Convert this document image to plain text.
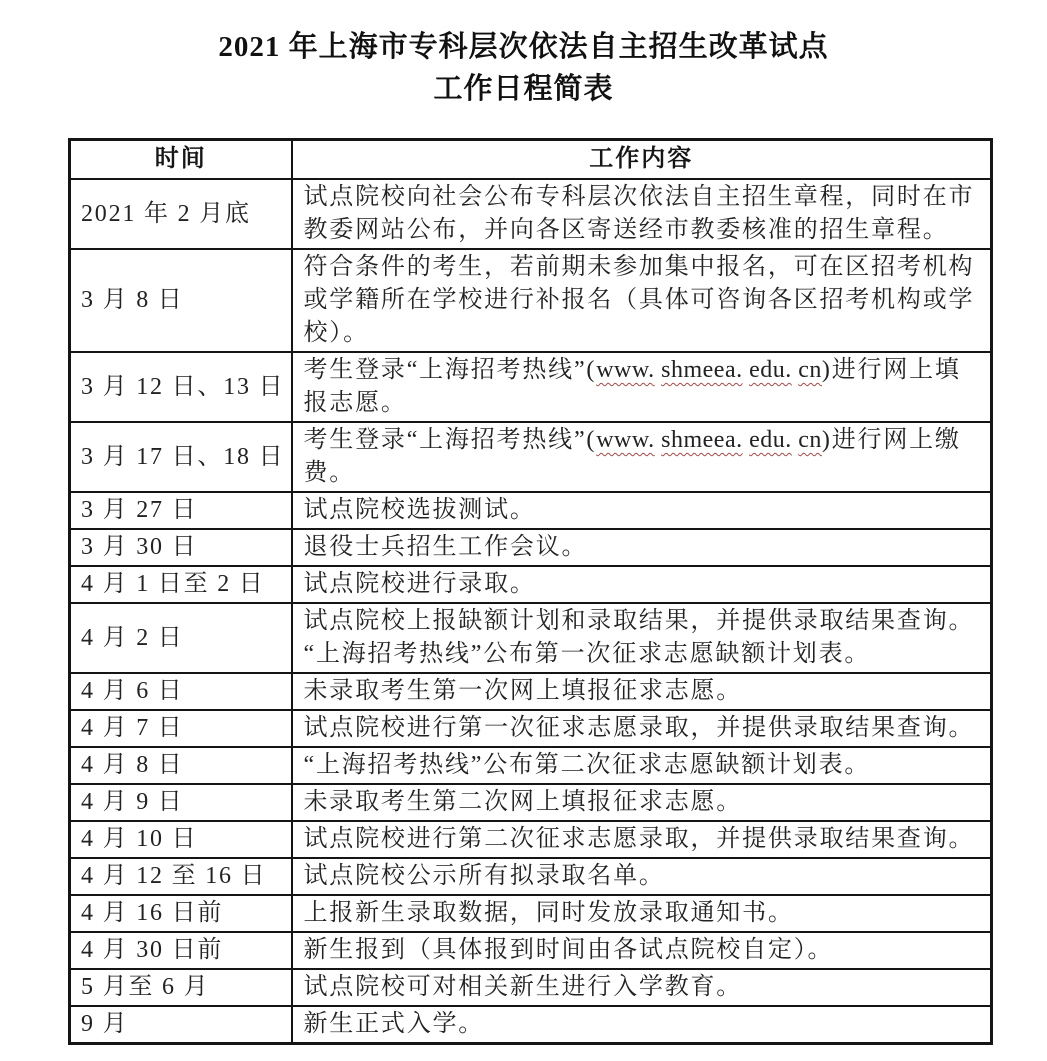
2021 年上海市专科层次依法自主招生改革试点
工作日程简表
时间	工作内容
2021 年 2 月底	试点院校向社会公布专科层次依法自主招生章程，同时在市教委网站公布，并向各区寄送经市教委核准的招生章程。
3 月 8 日	符合条件的考生，若前期未参加集中报名，可在区招考机构或学籍所在学校进行补报名（具体可咨询各区招考机构或学校）。
3 月 12 日、13 日	考生登录“上海招考热线”(www. shmeea. edu. cn)进行网上填报志愿。
3 月 17 日、18 日	考生登录“上海招考热线”(www. shmeea. edu. cn)进行网上缴费。
3 月 27 日	试点院校选拔测试。
3 月 30 日	退役士兵招生工作会议。
4 月 1 日至 2 日	试点院校进行录取。
4 月 2 日	试点院校上报缺额计划和录取结果，并提供录取结果查询。“上海招考热线”公布第一次征求志愿缺额计划表。
4 月 6 日	未录取考生第一次网上填报征求志愿。
4 月 7 日	试点院校进行第一次征求志愿录取，并提供录取结果查询。
4 月 8 日	“上海招考热线”公布第二次征求志愿缺额计划表。
4 月 9 日	未录取考生第二次网上填报征求志愿。
4 月 10 日	试点院校进行第二次征求志愿录取，并提供录取结果查询。
4 月 12 至 16 日	试点院校公示所有拟录取名单。
4 月 16 日前	上报新生录取数据，同时发放录取通知书。
4 月 30 日前	新生报到（具体报到时间由各试点院校自定）。
5 月至 6 月	试点院校可对相关新生进行入学教育。
9 月	新生正式入学。
